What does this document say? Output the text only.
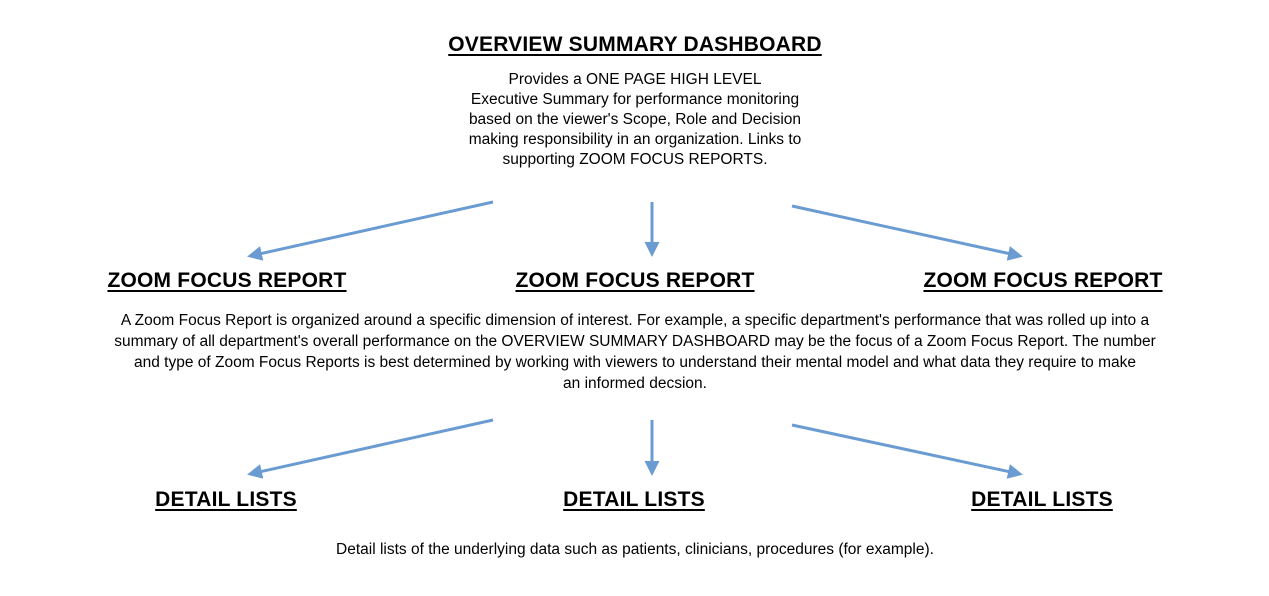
OVERVIEW SUMMARY DASHBOARD
Provides a ONE PAGE HIGH LEVEL
Executive Summary for performance monitoring
based on the viewer's Scope, Role and Decision
making responsibility in an organization. Links to
supporting ZOOM FOCUS REPORTS.
ZOOM FOCUS REPORT	ZOOM FOCUS REPORT	ZOOM FOCUS REPORT
A Zoom Focus Report is organized around a specific dimension of interest. For example, a specific department's performance that was rolled up into a
summary of all department's overall performance on the OVERVIEW SUMMARY DASHBOARD may be the focus of a Zoom Focus Report. The number
and type of Zoom Focus Reports is best determined by working with viewers to understand their mental model and what data they require to make
an informed decsion.
DETAIL LISTS	DETAIL LISTS	DETAIL LISTS
Detail lists of the underlying data such as patients, clinicians, procedures (for example).
